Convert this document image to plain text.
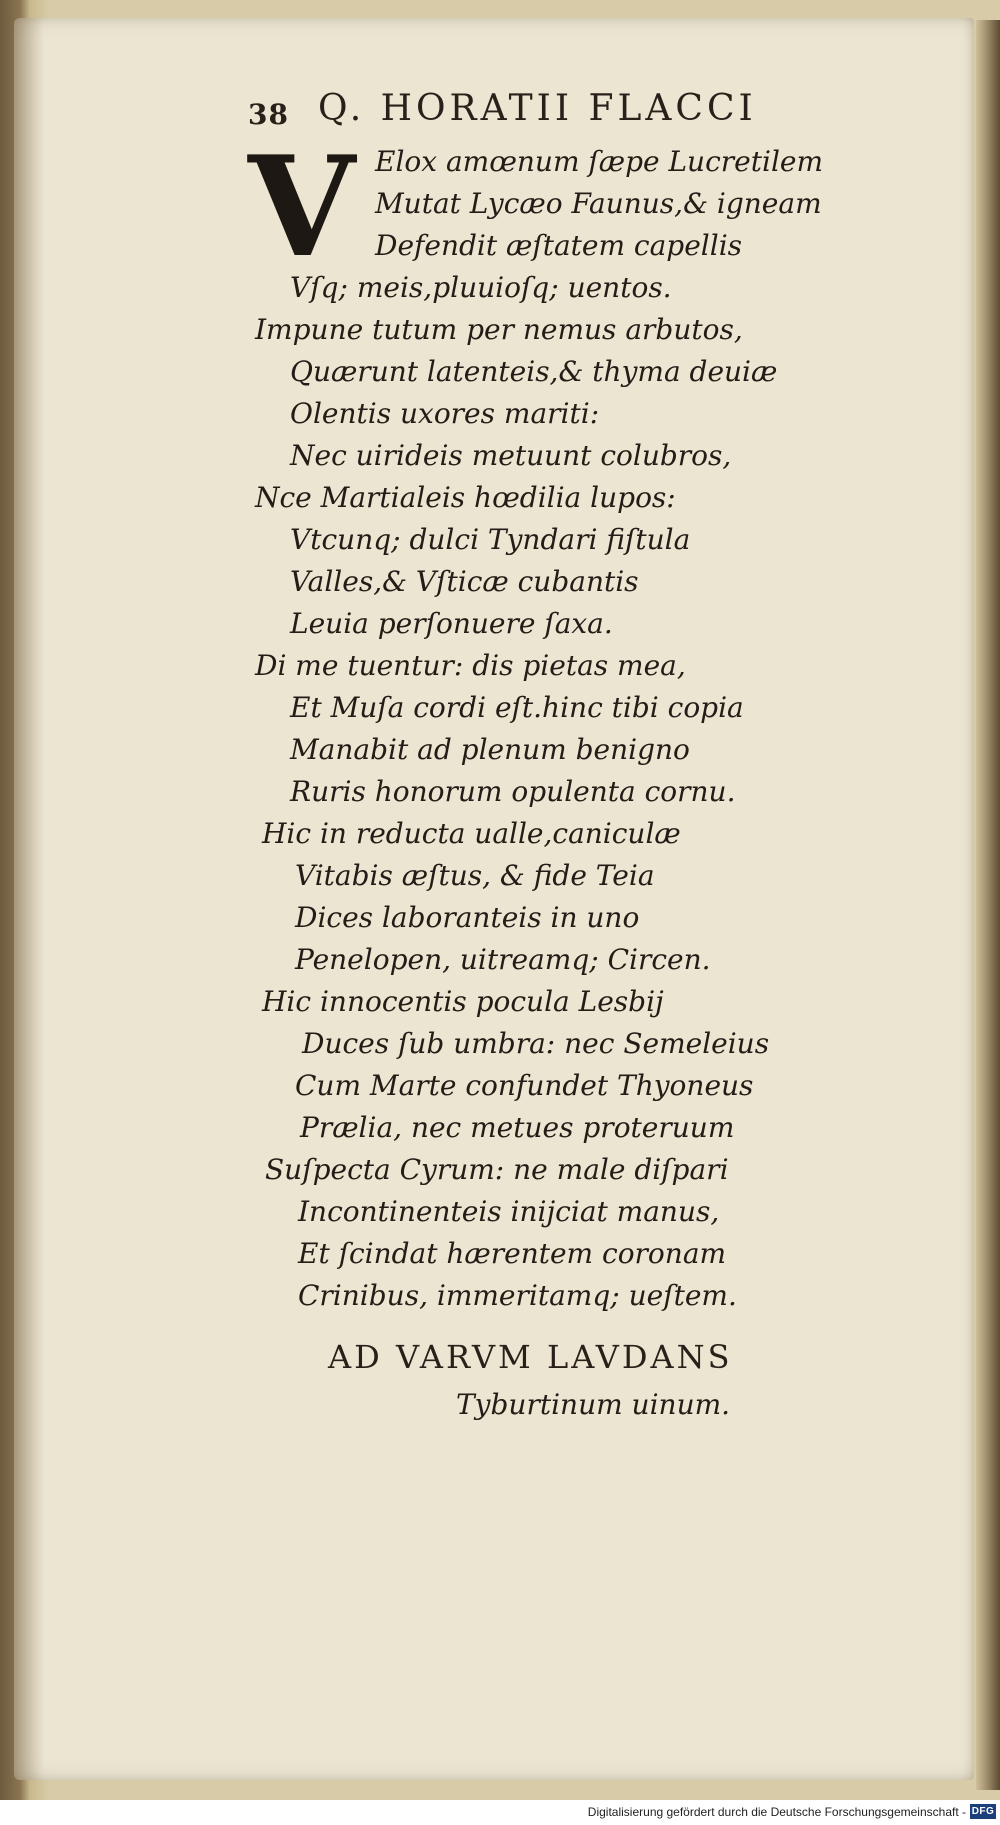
38 Q. HORATII FLACCI
V Elox amœnum ſæpe Lucretilem
Mutat Lycæo Faunus,& igneam
Defendit æſtatem capellis
Vſq; meis,pluuioſq; uentos.
Impune tutum per nemus arbutos,
Quærunt latenteis,& thyma deuiæ
Olentis uxores mariti:
Nec uirideis metuunt colubros,
Nce Martialeis hœdilia lupos:
Vtcunq; dulci Tyndari fiſtula
Valles,& Vſticæ cubantis
Leuia perſonuere ſaxa.
Di me tuentur: dis pietas mea,
Et Muſa cordi eſt.hinc tibi copia
Manabit ad plenum benigno
Ruris honorum opulenta cornu.
Hic in reducta ualle,caniculæ
Vitabis æſtus, & fide Teia
Dices laboranteis in uno
Penelopen, uitreamq; Circen.
Hic innocentis pocula Lesbij
Duces ſub umbra: nec Semeleius
Cum Marte confundet Thyoneus
Prælia, nec metues proteruum
Suſpecta Cyrum: ne male diſpari
Incontinenteis inijciat manus,
Et ſcindat hærentem coronam
Crinibus, immeritamq; ueſtem.
AD VARVM LAVDANS
Tyburtinum uinum.
Digitalisierung gefördert durch die Deutsche Forschungsgemeinschaft - DFG
